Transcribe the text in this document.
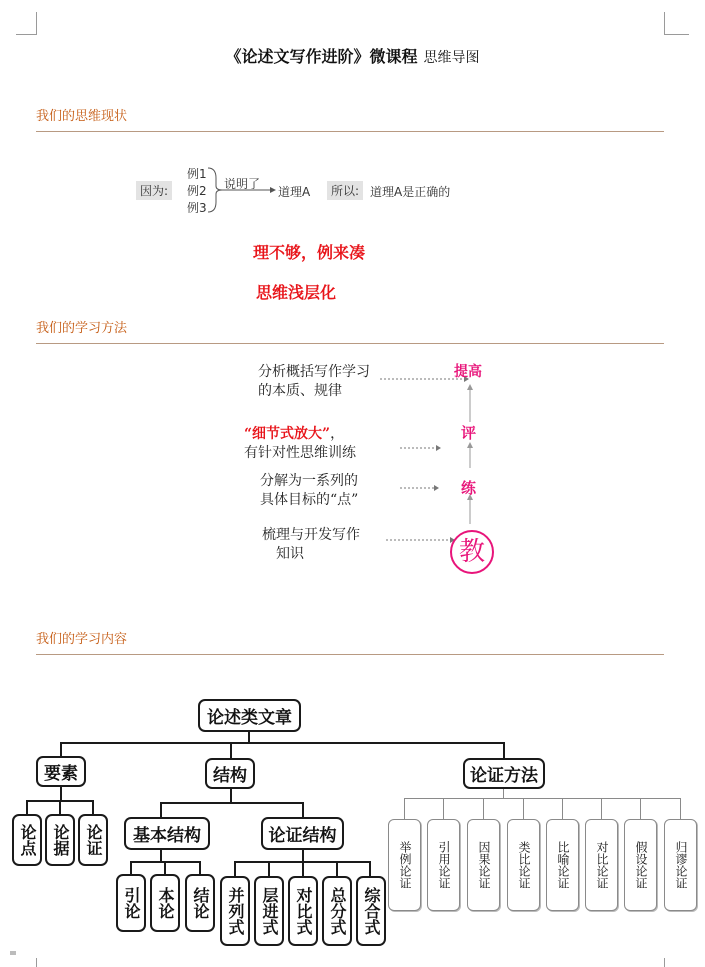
《论述文写作进阶》微课程 思维导图
我们的思维现状
因为:
例1
例2
例3
说明了
道理A	所以: 道理A是正确的
理不够，例来凑
思维浅层化
我们的学习方法
分析概括写作学习
的本质、规律
“细节式放大”，
有针对性思维训练
分解为一系列的
具体目标的“点”
梳理与开发写作
知识
提高
评
练
教
我们的学习内容
论述类文章
要素	结构	论证方法
论点 论据 论证	基本结构	论证结构
引论 本论	结论	并列式 层进式 对比式 总分式 综合式
举例论证	引用论证	因果论证	类比论证	比喻论证	对比论证	假设论证	归谬论证
